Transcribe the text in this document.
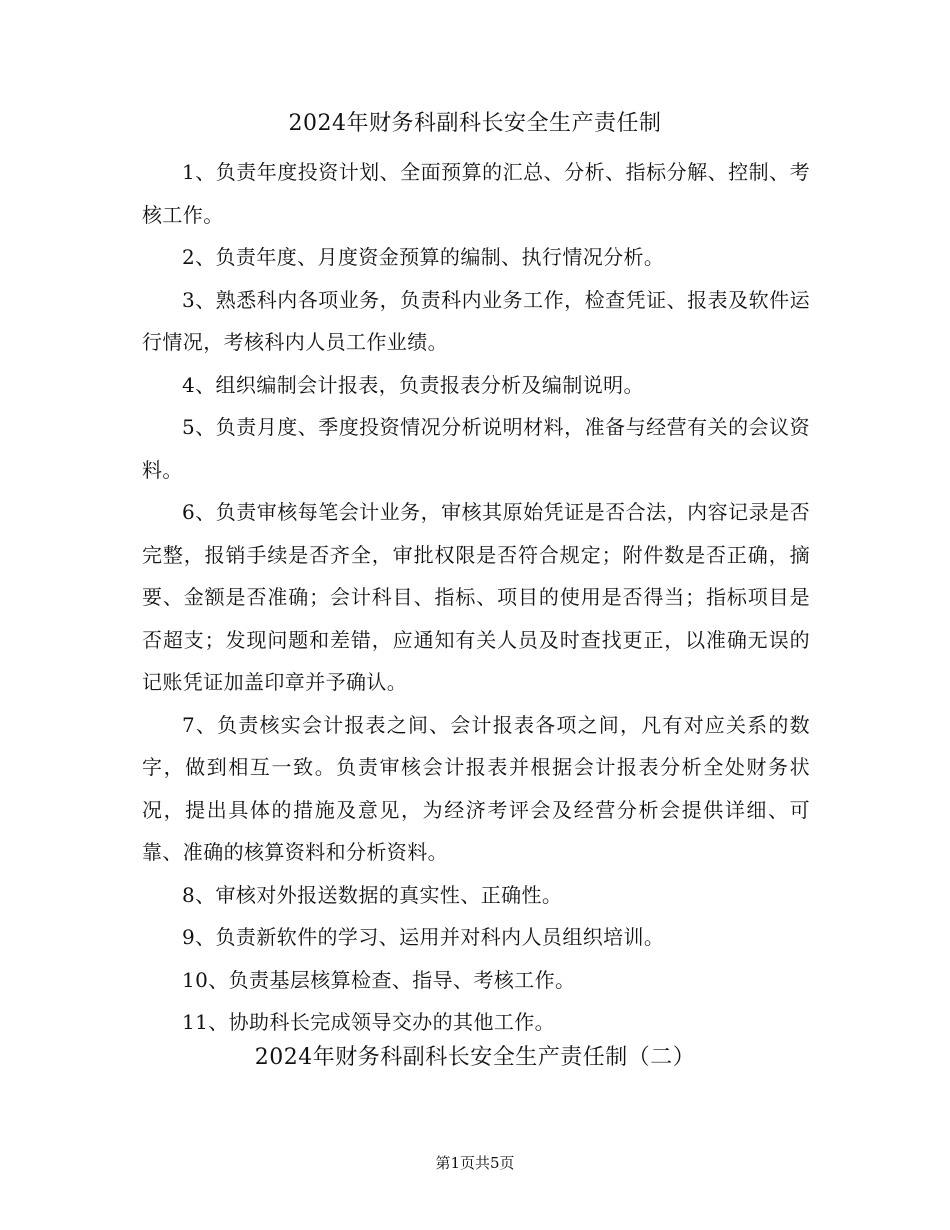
2024年财务科副科长安全生产责任制

1、负责年度投资计划、全面预算的汇总、分析、指标分解、控制、考核工作。

2、负责年度、月度资金预算的编制、执行情况分析。

3、熟悉科内各项业务，负责科内业务工作，检查凭证、报表及软件运行情况，考核科内人员工作业绩。

4、组织编制会计报表，负责报表分析及编制说明。

5、负责月度、季度投资情况分析说明材料，准备与经营有关的会议资料。

6、负责审核每笔会计业务，审核其原始凭证是否合法，内容记录是否完整，报销手续是否齐全，审批权限是否符合规定；附件数是否正确，摘要、金额是否准确；会计科目、指标、项目的使用是否得当；指标项目是否超支；发现问题和差错，应通知有关人员及时查找更正，以准确无误的记账凭证加盖印章并予确认。

7、负责核实会计报表之间、会计报表各项之间，凡有对应关系的数字，做到相互一致。负责审核会计报表并根据会计报表分析全处财务状况，提出具体的措施及意见，为经济考评会及经营分析会提供详细、可靠、准确的核算资料和分析资料。

8、审核对外报送数据的真实性、正确性。

9、负责新软件的学习、运用并对科内人员组织培训。

10、负责基层核算检查、指导、考核工作。

11、协助科长完成领导交办的其他工作。

2024年财务科副科长安全生产责任制（二）
第1页共5页
